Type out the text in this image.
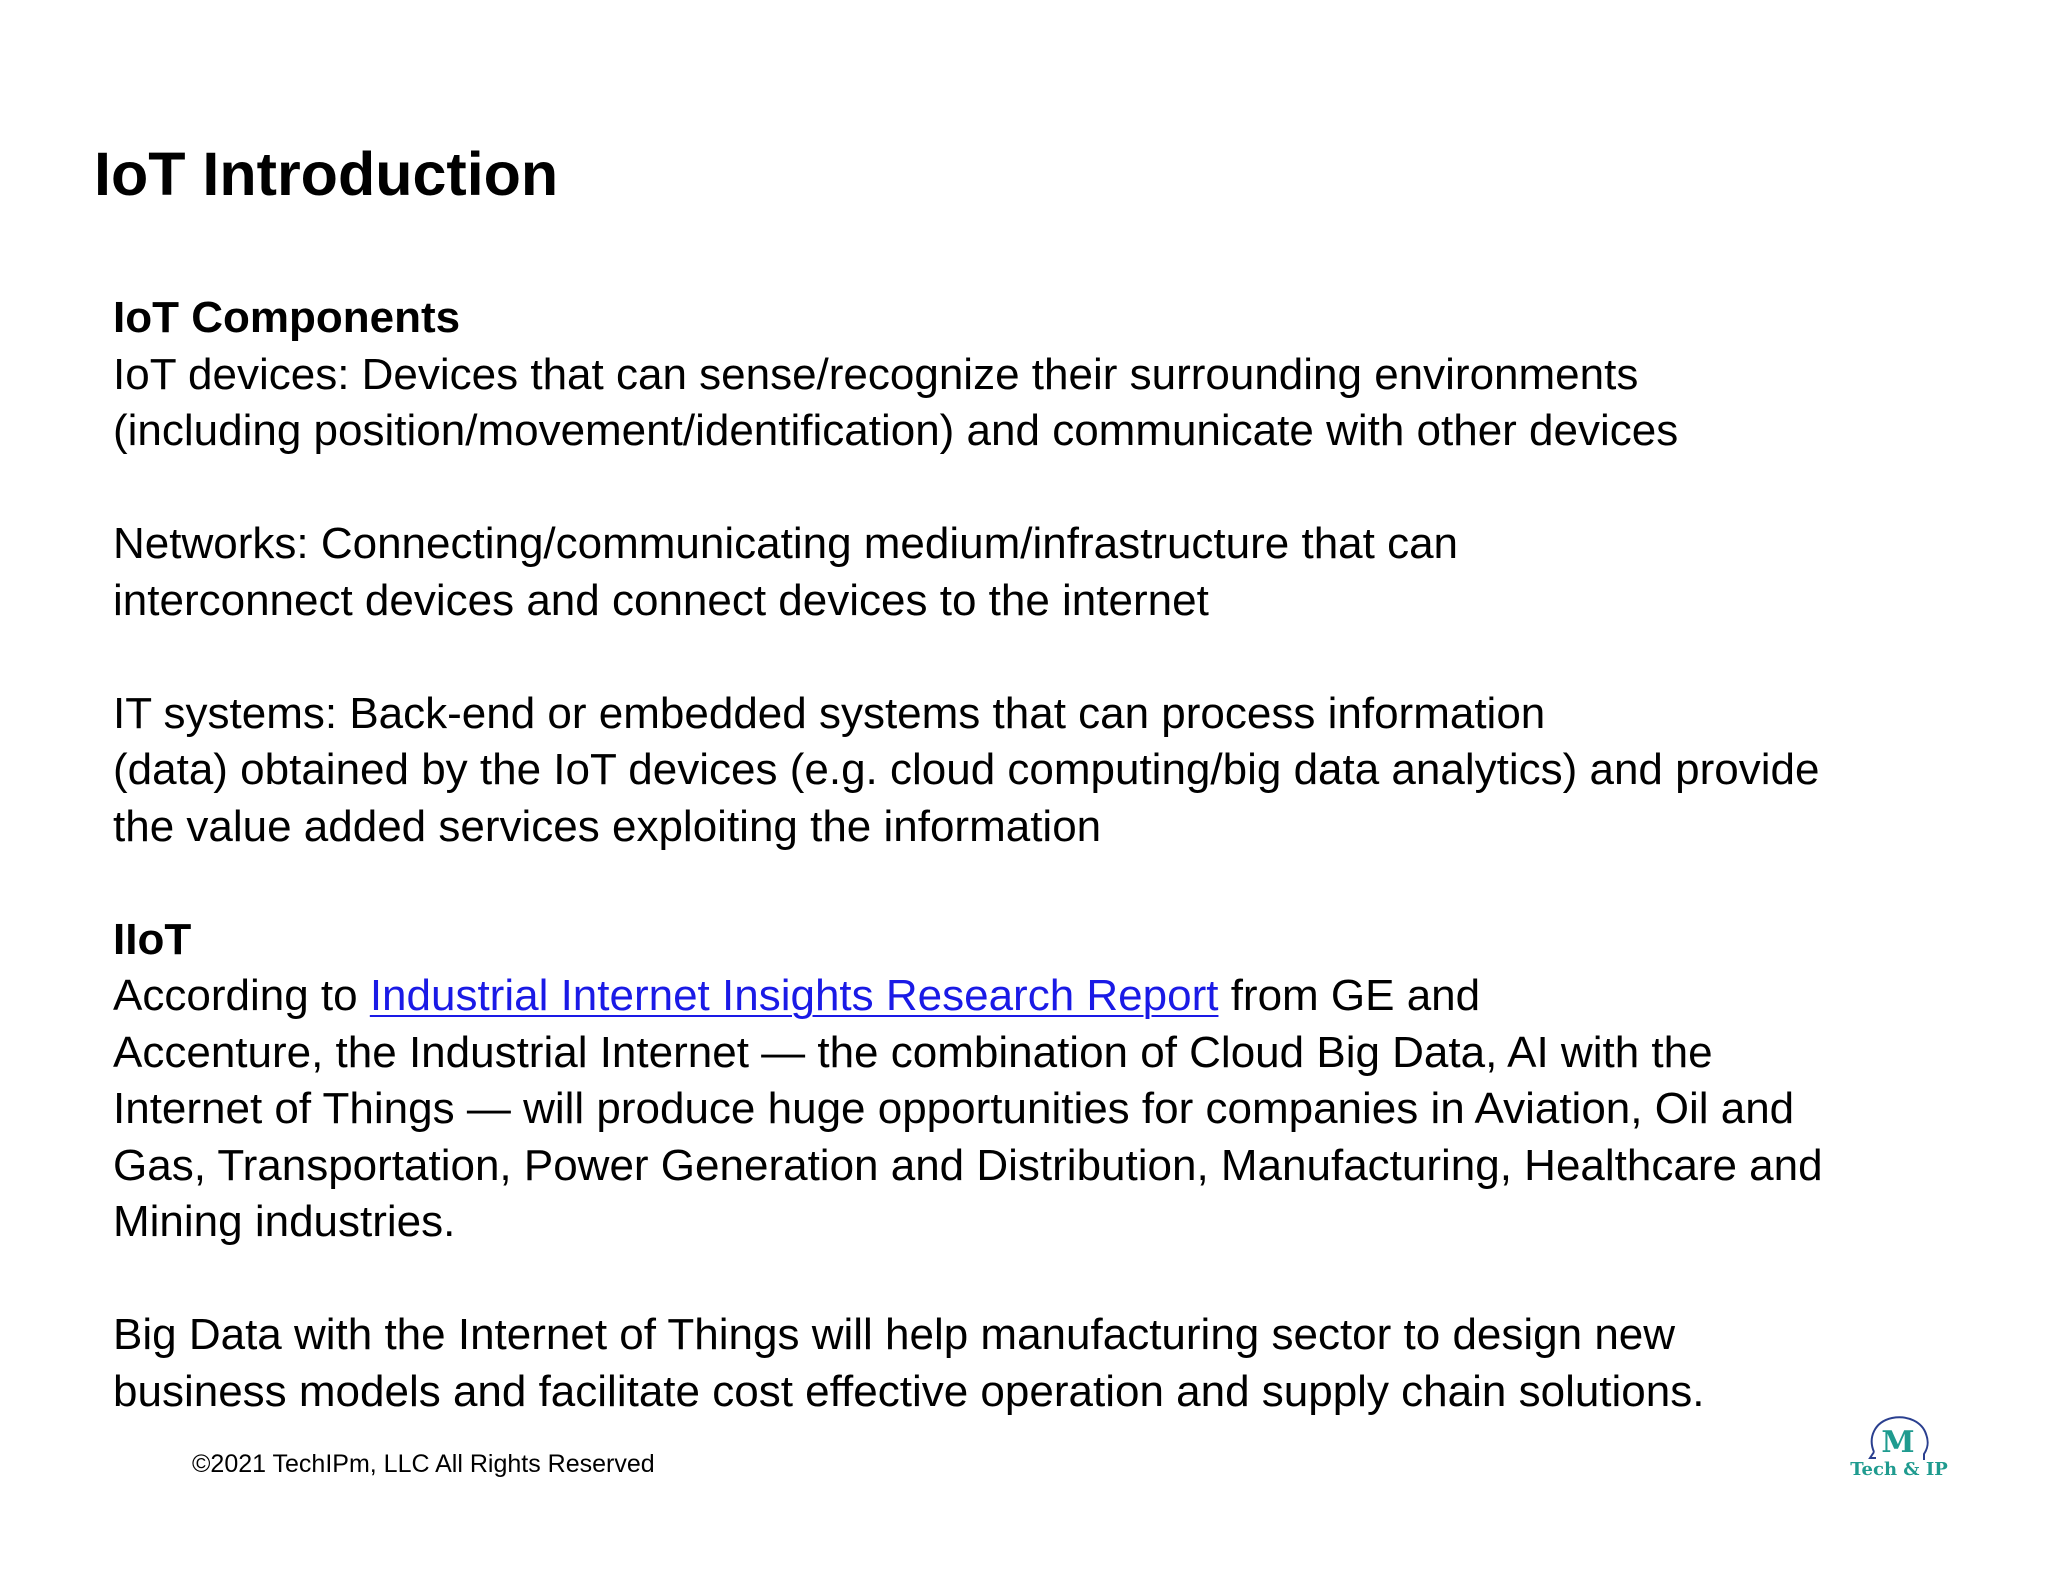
IoT Introduction

IoT Components

IoT devices: Devices that can sense/recognize their surrounding environments

(including position/movement/identification) and communicate with other devices

Networks: Connecting/communicating medium/infrastructure that can

interconnect devices and connect devices to the internet

IT systems: Back-end or embedded systems that can process information

(data) obtained by the IoT devices (e.g. cloud computing/big data analytics) and provide

the value added services exploiting the information

IIoT

According to Industrial Internet Insights Research Report from GE and

Accenture, the Industrial Internet — the combination of Cloud Big Data, AI with the

Internet of Things — will produce huge opportunities for companies in Aviation, Oil and

Gas, Transportation, Power Generation and Distribution, Manufacturing, Healthcare and

Mining industries.

Big Data with the Internet of Things will help manufacturing sector to design new

business models and facilitate cost effective operation and supply chain solutions.

©2021 TechIPm, LLC All Rights Reserved
M
Tech & IP
